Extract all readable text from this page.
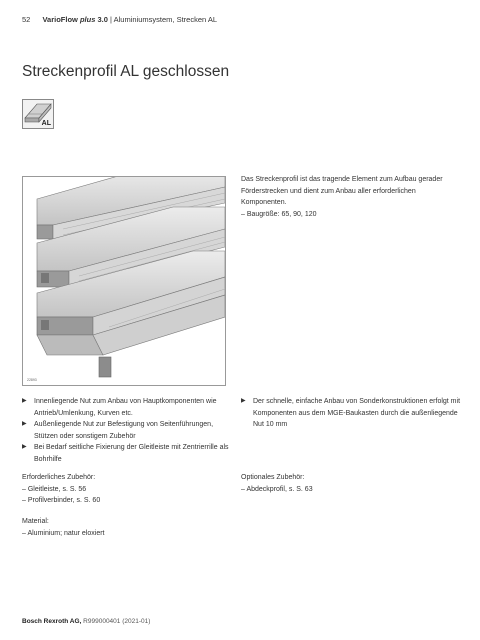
52 VarioFlow plus 3.0 | Aluminiumsystem, Strecken AL
Streckenprofil AL geschlossen
AL
22893

Das Streckenprofil ist das tragende Element zum Aufbau gerader Förderstrecken und dient zum Anbau aller erforderlichen Komponenten.

– Baugröße: 65, 90, 120

▶ Innenliegende Nut zum Anbau von Hauptkomponenten wie Antrieb/Umlenkung, Kurven etc.
▶ Außenliegende Nut zur Befestigung von Seitenführungen, Stützen oder sonstigem Zubehör
▶ Bei Bedarf seitliche Fixierung der Gleitleiste mit Zentrierrille als Bohrhilfe
▶ Der schnelle, einfache Anbau von Sonderkonstruktionen erfolgt mit Komponenten aus dem MGE-Baukasten durch die außenliegende Nut 10 mm
Erforderliches Zubehör:
– Gleitleiste, s. S. 56
– Profilverbinder, s. S. 60
Optionales Zubehör:
– Abdeckprofil, s. S. 63
Material:
– Aluminium; natur eloxiert
Bosch Rexroth AG, R999000401 (2021-01)
